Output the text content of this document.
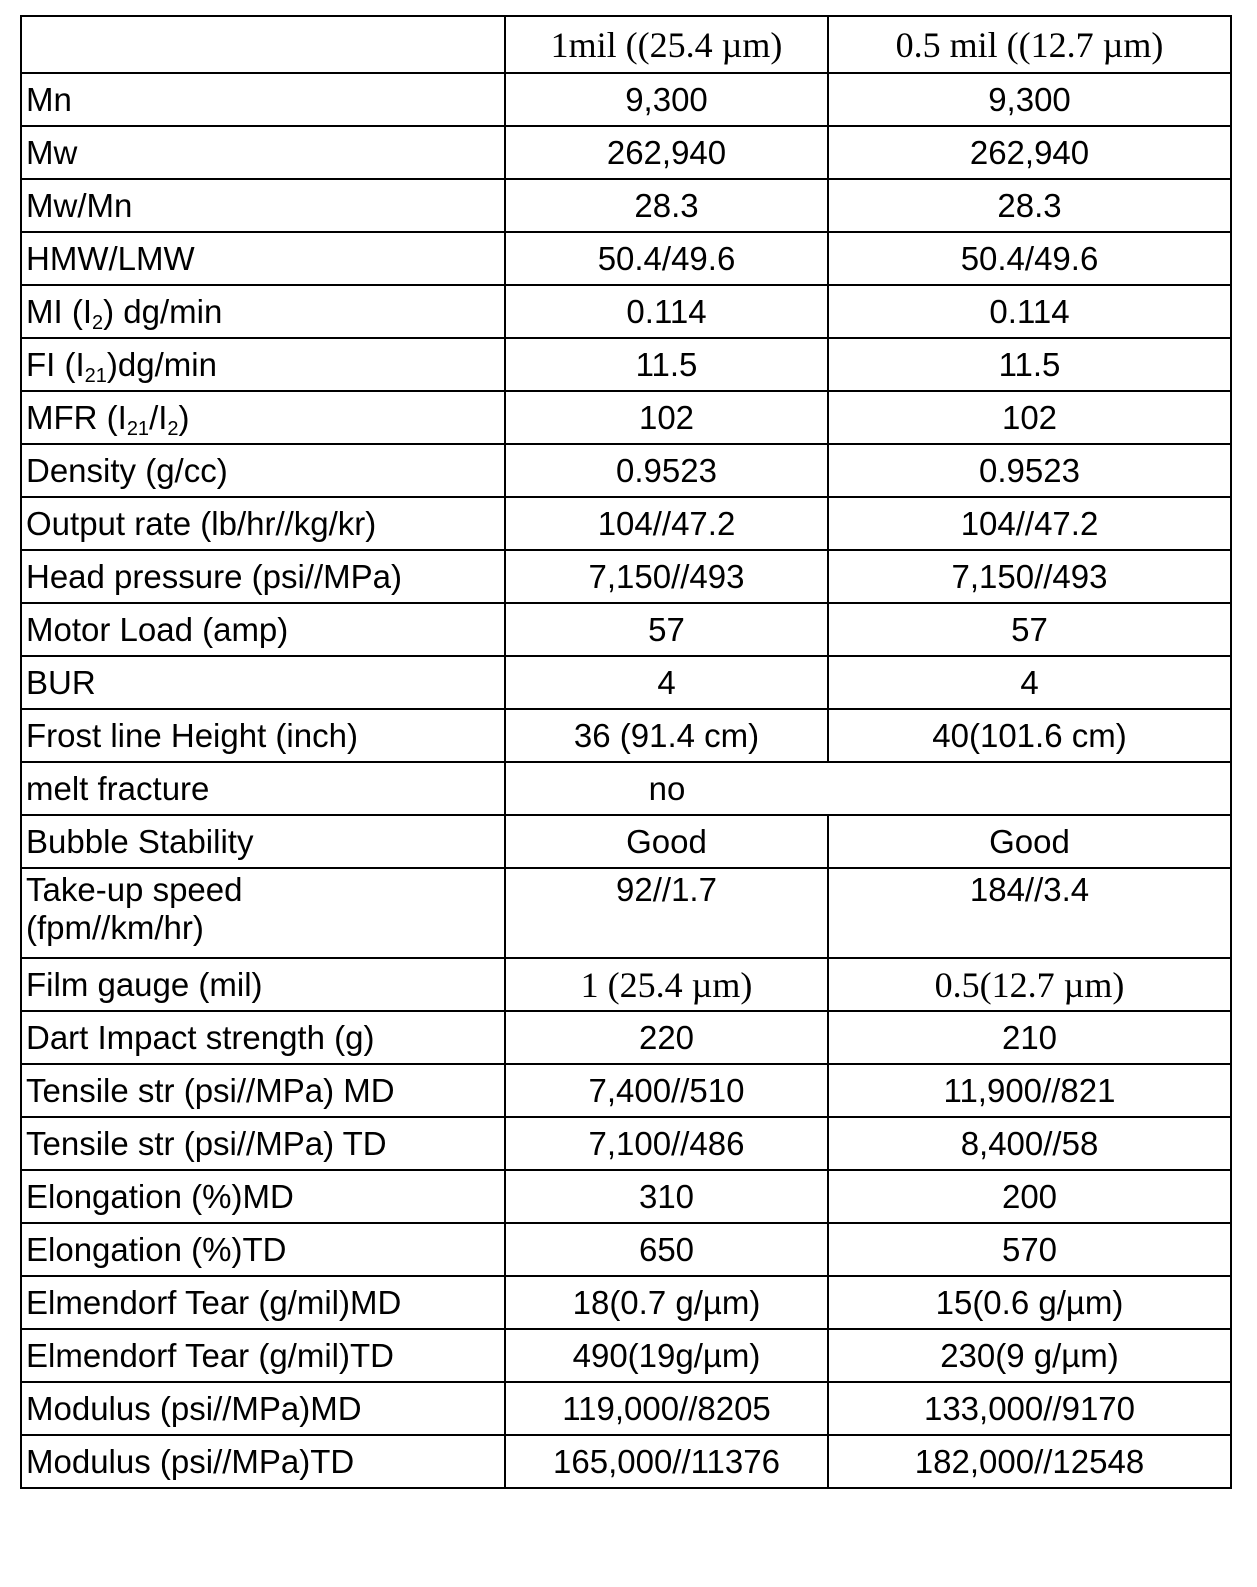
	1mil ((25.4 µm)	0.5 mil ((12.7 µm)
Mn	9,300	9,300
Mw	262,940	262,940
Mw/Mn	28.3	28.3
HMW/LMW	50.4/49.6	50.4/49.6
MI (I2) dg/min	0.114	0.114
FI (I21)dg/min	11.5	11.5
MFR (I21/I2)	102	102
Density (g/cc)	0.9523	0.9523
Output rate (lb/hr//kg/kr)	104//47.2	104//47.2
Head pressure (psi//MPa)	7,150//493	7,150//493
Motor Load (amp)	57	57
BUR	4	4
Frost line Height (inch)	36 (91.4 cm)	40(101.6 cm)
melt fracture	no
Bubble Stability	Good	Good
Take-up speed
(fpm//km/hr)	92//1.7	184//3.4
Film gauge (mil)	1 (25.4 µm)	0.5(12.7 µm)
Dart Impact strength (g)	220	210
Tensile str (psi//MPa) MD	7,400//510	11,900//821
Tensile str (psi//MPa) TD	7,100//486	8,400//58
Elongation (%)MD	310	200
Elongation (%)TD	650	570
Elmendorf Tear (g/mil)MD	18(0.7 g/µm)	15(0.6 g/µm)
Elmendorf Tear (g/mil)TD	490(19g/µm)	230(9 g/µm)
Modulus (psi//MPa)MD	119,000//8205	133,000//9170
Modulus (psi//MPa)TD	165,000//11376	182,000//12548
